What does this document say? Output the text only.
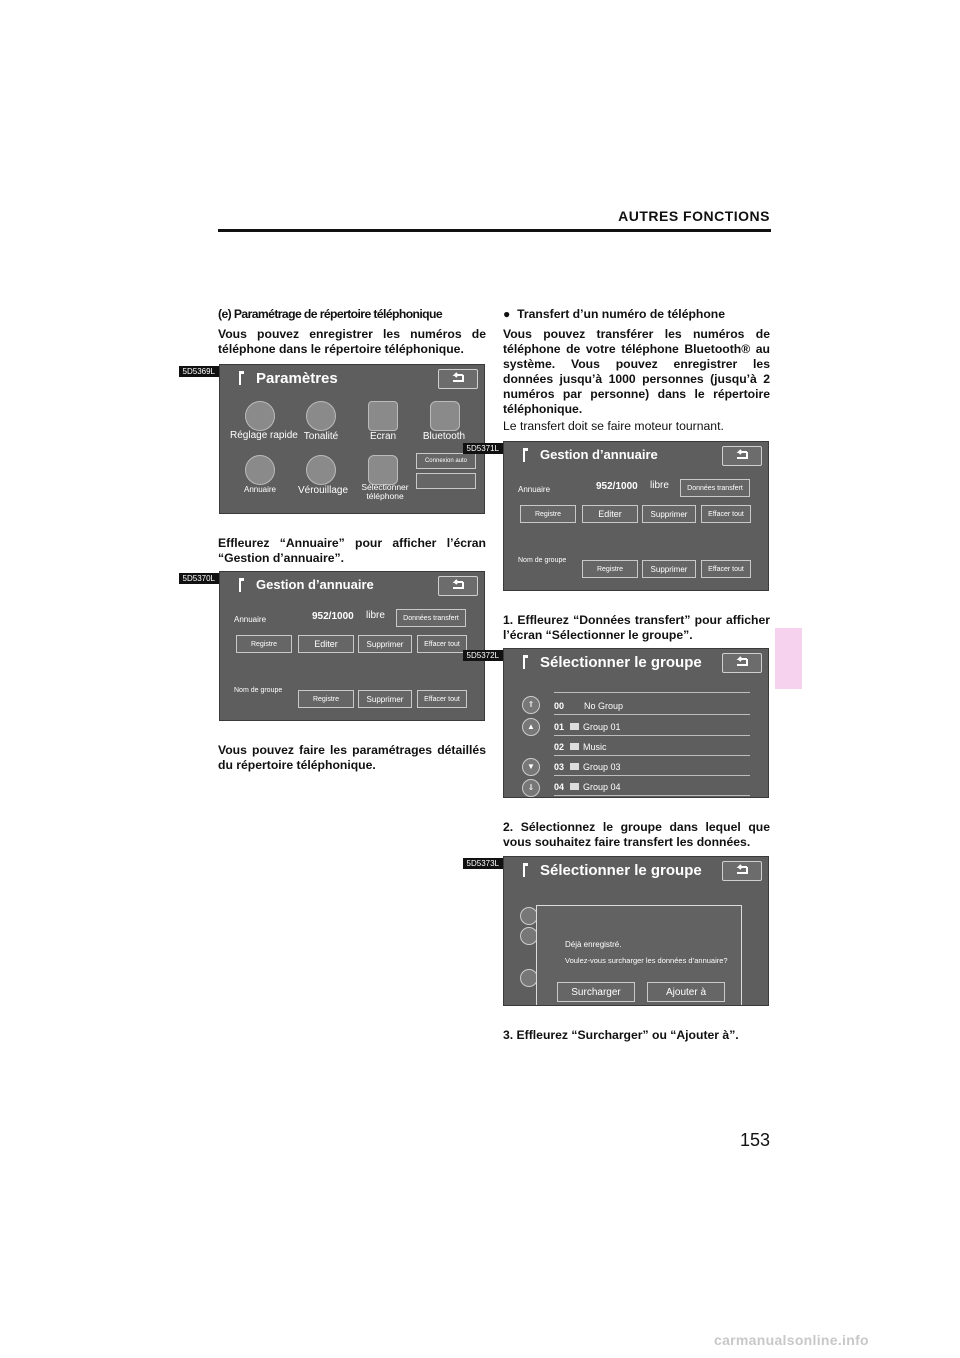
AUTRES FONCTIONS
(e) Paramétrage de répertoire téléphonique
Vous pouvez enregistrer les numéros de téléphone dans le répertoire téléphonique.
Paramètres
Réglage rapide Tonalité	Ecran	Bluetooth
Annuaire	Vérouillage	Sélectionner téléphone
Connexion auto
5D5369L
Effleurez “Annuaire” pour afficher l’écran “Gestion d’annuaire”.
Gestion d’annuaire
Annuaire	952/1000 libre	Données transfert
Registre	Editer	Supprimer	Effacer tout
Nom de groupe
Registre	Supprimer	Effacer tout
5D5370L
Vous pouvez faire les paramétrages détaillés du répertoire téléphonique.
●  Transfert d’un numéro de téléphone
Vous pouvez transférer les numéros de téléphone de votre téléphone Bluetooth® au système. Vous pouvez enregistrer les données jusqu’à 1000 personnes (jusqu’à 2 numéros par personne) dans le répertoire téléphonique.
Le transfert doit se faire moteur tournant.
Gestion d’annuaire
Annuaire	952/1000 libre	Données transfert
Registre	Editer	Supprimer	Effacer tout
Nom de groupe
Registre	Supprimer	Effacer tout
5D5371L
1. Effleurez “Données transfert” pour afficher l’écran “Sélectionner le groupe”.
Sélectionner le groupe
⇑
▲
▼
⇓
00	No Group
01	Group 01
02	Music
03	Group 03
04	Group 04
5D5372L
2. Sélectionnez le groupe dans lequel que vous souhaitez faire transfert les données.
Sélectionner le groupe
Déjà enregistré.
Voulez-vous surcharger les données d’annuaire?
Surcharger	Ajouter à
5D5373L
3. Effleurez “Surcharger” ou “Ajouter à”.
153
carmanualsonline.info
